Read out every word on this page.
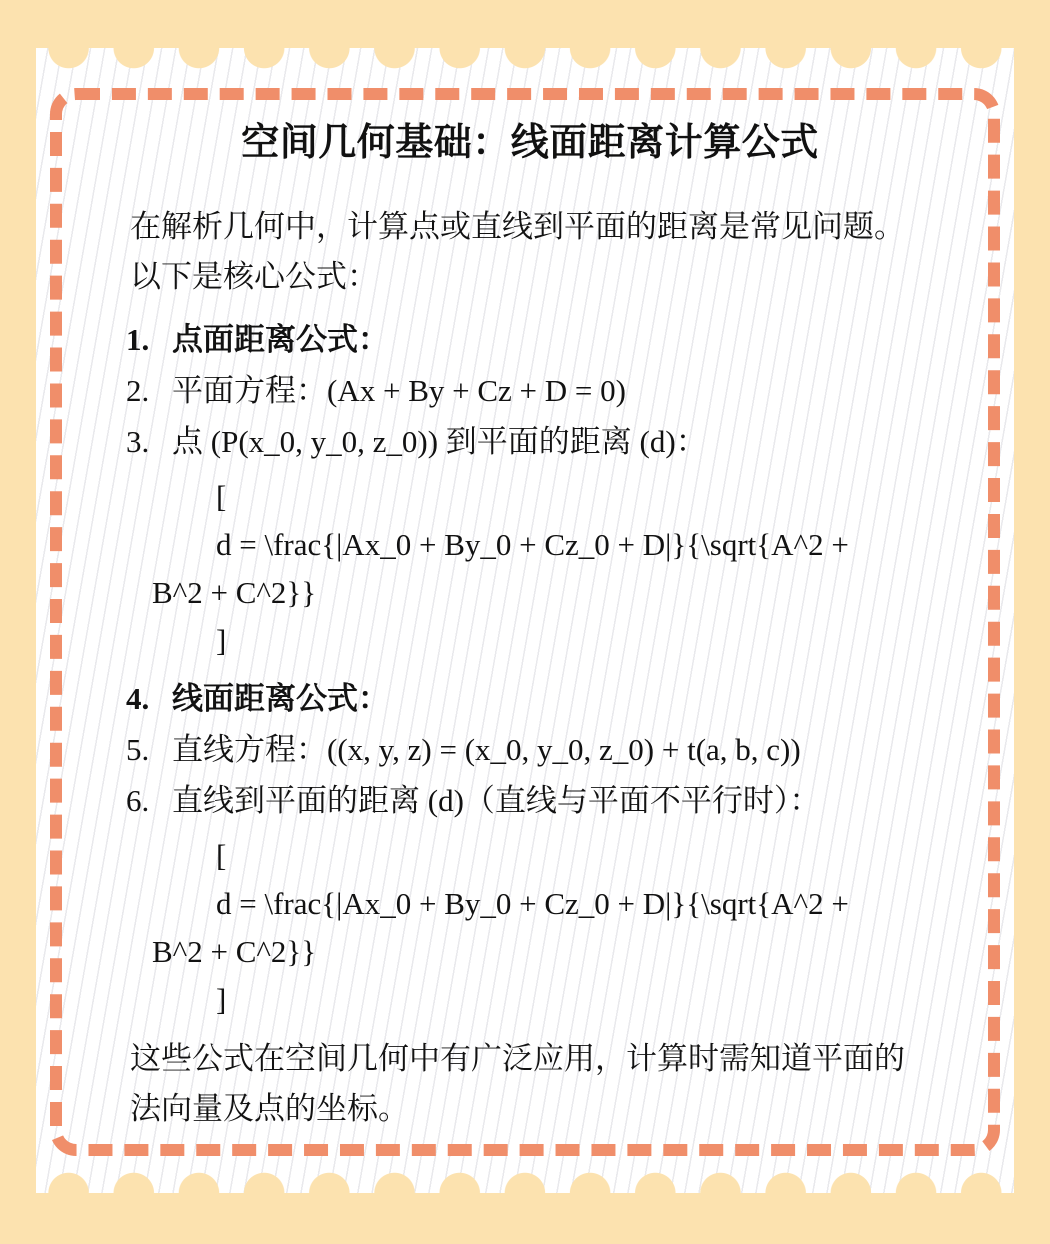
空间几何基础：线面距离计算公式

在解析几何中，计算点或直线到平面的距离是常见问题。以下是核心公式：

1. 点面距离公式：
2. 平面方程：(Ax + By + Cz + D = 0)
3. 点 (P(x_0, y_0, z_0)) 到平面的距离 (d)：
[
d = \frac{|Ax_0 + By_0 + Cz_0 + D|}{\sqrt{A^2 +
B^2 + C^2}}
]
4. 线面距离公式：
5. 直线方程：((x, y, z) = (x_0, y_0, z_0) + t(a, b, c))
6. 直线到平面的距离 (d)（直线与平面不平行时）：
[
d = \frac{|Ax_0 + By_0 + Cz_0 + D|}{\sqrt{A^2 +
B^2 + C^2}}
]

这些公式在空间几何中有广泛应用，计算时需知道平面的法向量及点的坐标。
